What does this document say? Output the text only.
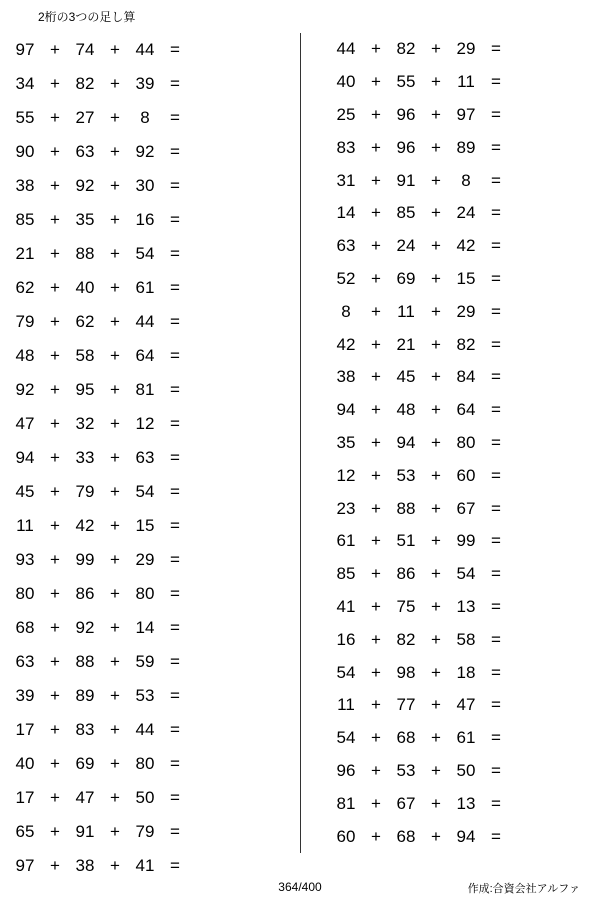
2桁の3つの足し算
97 + 74 + 44 =
34 + 82 + 39 =
55 + 27 +	8	=
90 + 63 + 92 =
38 + 92 + 30 =
85 + 35 + 16 =
21 + 88 + 54 =
62 + 40 + 61 =
79 + 62 + 44 =
48 + 58 + 64 =
92 + 95 + 81 =
47 + 32 + 12 =
94 + 33 + 63 =
45 + 79 + 54 =
11 + 42 + 15 =
93 + 99 + 29 =
80 + 86 + 80 =
68 + 92 + 14 =
63 + 88 + 59 =
39 + 89 + 53 =
17 + 83 + 44 =
40 + 69 + 80 =
17 + 47 + 50 =
65 + 91 + 79 =
97 + 38 + 41 =
44 + 82 + 29 =
40 + 55 + 11 =
25 + 96 + 97 =
83 + 96 + 89 =
31 + 91 +	8	=
14 + 85 + 24 =
63 + 24 + 42 =
52 + 69 + 15 =
8	+ 11 + 29 =
42 + 21 + 82 =
38 + 45 + 84 =
94 + 48 + 64 =
35 + 94 + 80 =
12 + 53 + 60 =
23 + 88 + 67 =
61 + 51 + 99 =
85 + 86 + 54 =
41 + 75 + 13 =
16 + 82 + 58 =
54 + 98 + 18 =
11 + 77 + 47 =
54 + 68 + 61 =
96 + 53 + 50 =
81 + 67 + 13 =
60 + 68 + 94 =
364/400	作成:合資会社アルファ
